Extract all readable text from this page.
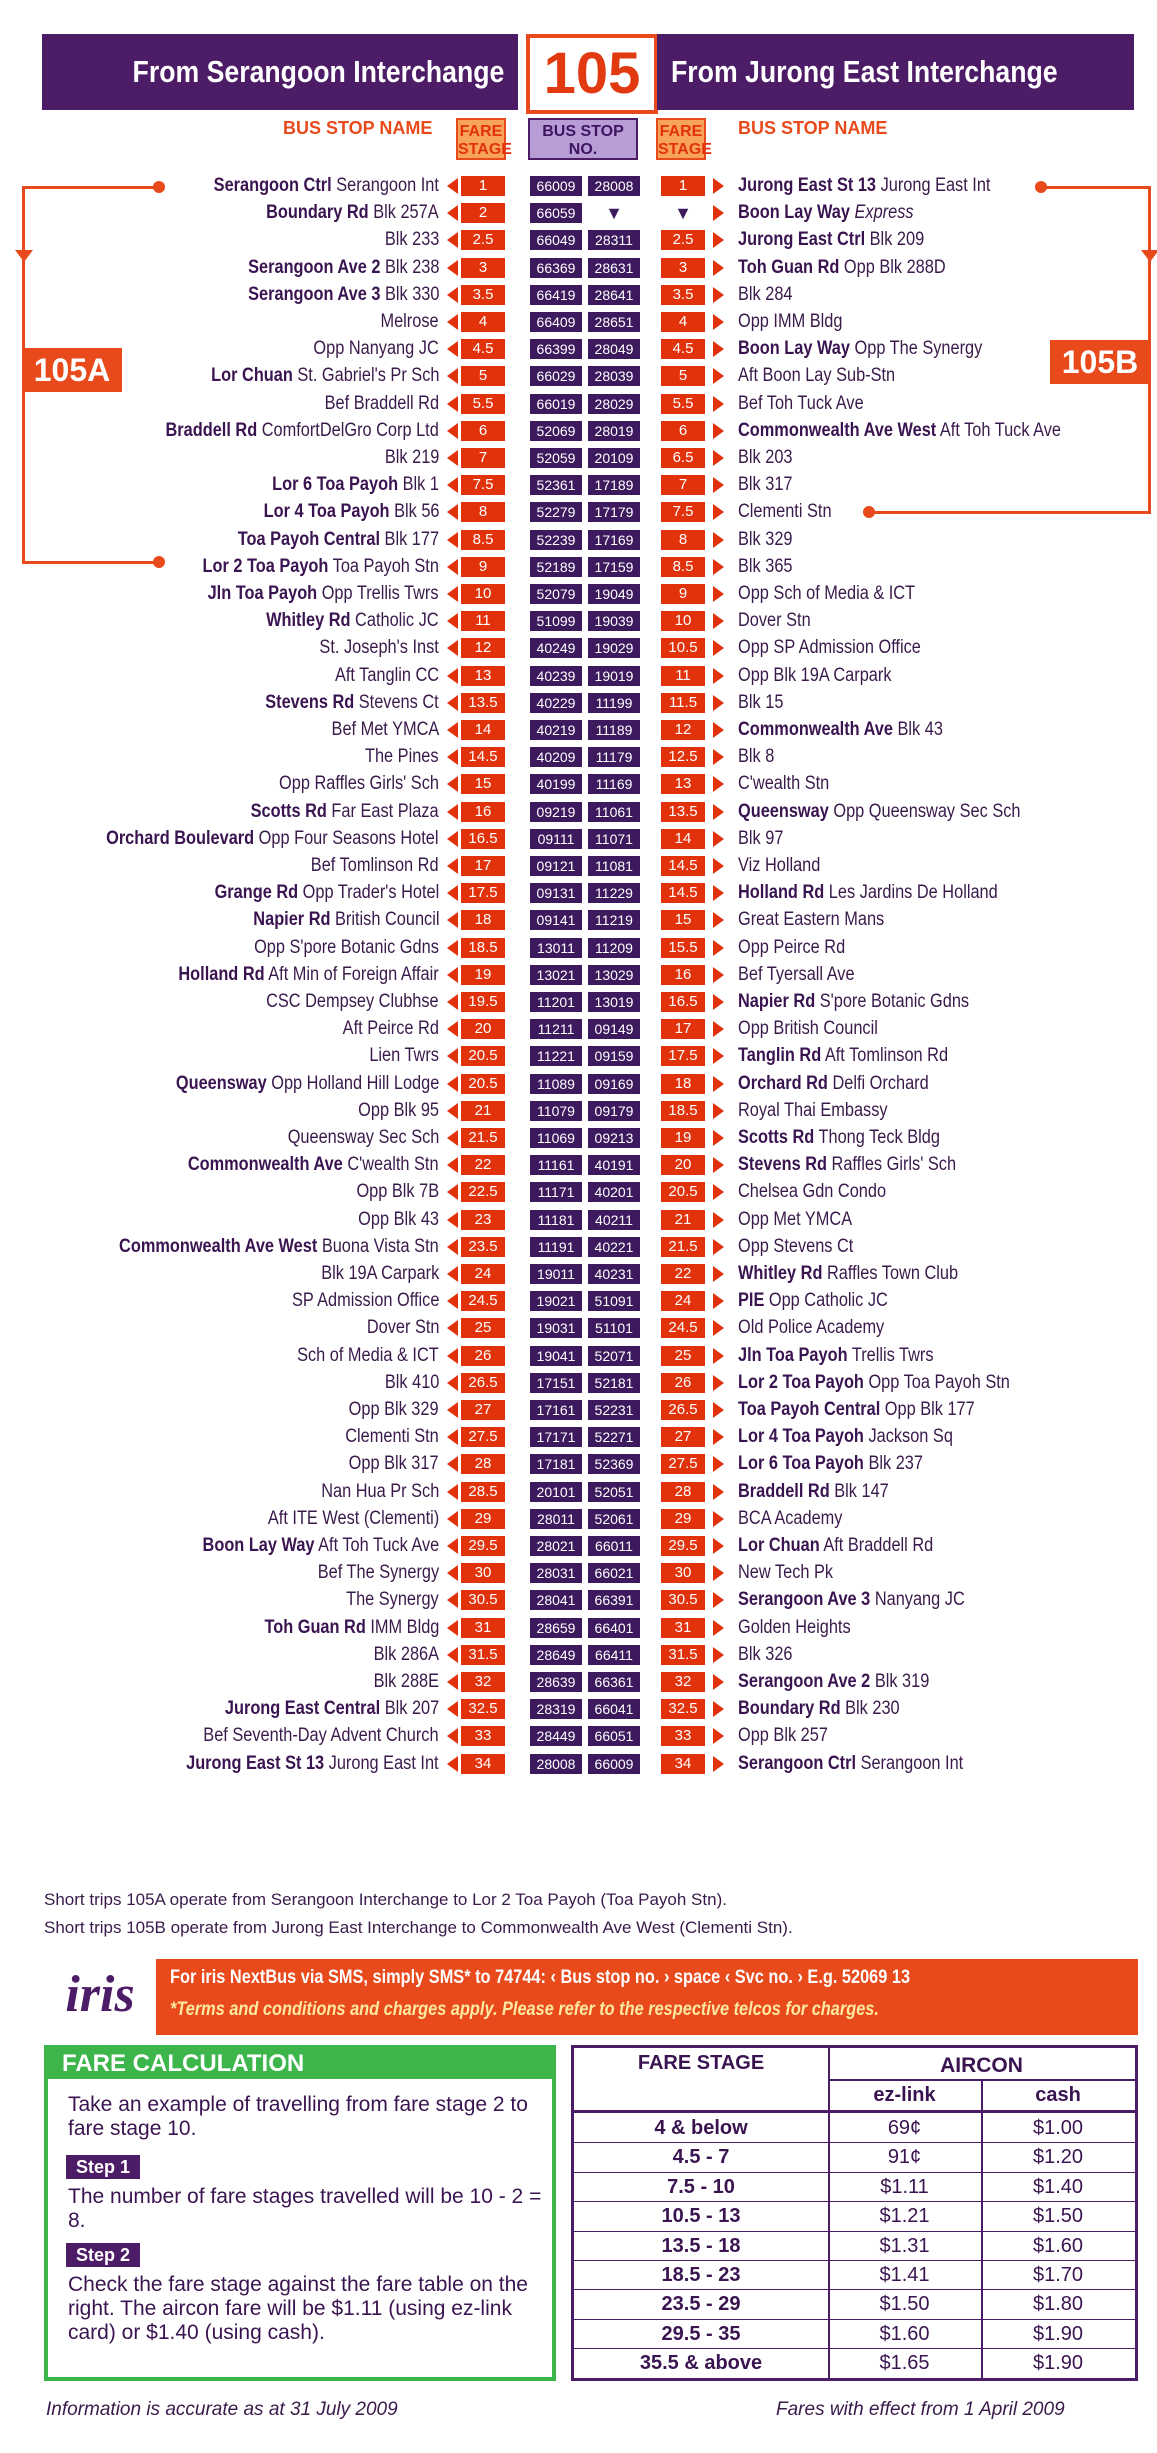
From Serangoon Interchange 105 From Jurong East Interchange
BUS STOP NAME FARE STAGE
BUS STOP NO.
FARE STAGE
BUS STOP NAME
105A	105B
Serangoon Ctrl Serangoon Int	1	66009	28008	1	Jurong East St 13 Jurong East Int
Boundary Rd Blk 257A	2	66059	▼	▼	Boon Lay Way Express
Blk 233	2.5	66049	28311	2.5	Jurong East Ctrl Blk 209
Serangoon Ave 2 Blk 238	3	66369	28631	3	Toh Guan Rd Opp Blk 288D
Serangoon Ave 3 Blk 330	3.5	66419	28641	3.5	Blk 284
Melrose	4	66409	28651	4	Opp IMM Bldg
Opp Nanyang JC	4.5	66399	28049	4.5	Boon Lay Way Opp The Synergy
Lor Chuan St. Gabriel's Pr Sch	5	66029	28039	5	Aft Boon Lay Sub-Stn
Bef Braddell Rd	5.5	66019	28029	5.5	Bef Toh Tuck Ave
Braddell Rd ComfortDelGro Corp Ltd	6	52069	28019	6	Commonwealth Ave West Aft Toh Tuck Ave
Blk 219	7	52059	20109	6.5	Blk 203
Lor 6 Toa Payoh Blk 1	7.5	52361	17189	7	Blk 317
Lor 4 Toa Payoh Blk 56	8	52279	17179	7.5	Clementi Stn
Toa Payoh Central Blk 177	8.5	52239	17169	8	Blk 329
Lor 2 Toa Payoh Toa Payoh Stn	9	52189	17159	8.5	Blk 365
Jln Toa Payoh Opp Trellis Twrs	10	52079	19049	9	Opp Sch of Media & ICT
Whitley Rd Catholic JC	11	51099	19039	10	Dover Stn
St. Joseph's Inst	12	40249	19029	10.5	Opp SP Admission Office
Aft Tanglin CC	13	40239	19019	11	Opp Blk 19A Carpark
Stevens Rd Stevens Ct	13.5	40229	11199	11.5	Blk 15
Bef Met YMCA	14	40219	11189	12	Commonwealth Ave Blk 43
The Pines	14.5	40209	11179	12.5	Blk 8
Opp Raffles Girls' Sch	15	40199	11169	13	C'wealth Stn
Scotts Rd Far East Plaza	16	09219	11061	13.5	Queensway Opp Queensway Sec Sch
Orchard Boulevard Opp Four Seasons Hotel	16.5	09111	11071	14	Blk 97
Bef Tomlinson Rd	17	09121	11081	14.5	Viz Holland
Grange Rd Opp Trader's Hotel	17.5	09131	11229	14.5	Holland Rd Les Jardins De Holland
Napier Rd British Council	18	09141	11219	15	Great Eastern Mans
Opp S'pore Botanic Gdns	18.5	13011	11209	15.5	Opp Peirce Rd
Holland Rd Aft Min of Foreign Affair	19	13021	13029	16	Bef Tyersall Ave
CSC Dempsey Clubhse	19.5	11201	13019	16.5	Napier Rd S'pore Botanic Gdns
Aft Peirce Rd	20	11211	09149	17	Opp British Council
Lien Twrs	20.5	11221	09159	17.5	Tanglin Rd Aft Tomlinson Rd
Queensway Opp Holland Hill Lodge	20.5	11089	09169	18	Orchard Rd Delfi Orchard
Opp Blk 95	21	11079	09179	18.5	Royal Thai Embassy
Queensway Sec Sch	21.5	11069	09213	19	Scotts Rd Thong Teck Bldg
Commonwealth Ave C'wealth Stn	22	11161	40191	20	Stevens Rd Raffles Girls' Sch
Opp Blk 7B	22.5	11171	40201	20.5	Chelsea Gdn Condo
Opp Blk 43	23	11181	40211	21	Opp Met YMCA
Commonwealth Ave West Buona Vista Stn	23.5	11191	40221	21.5	Opp Stevens Ct
Blk 19A Carpark	24	19011	40231	22	Whitley Rd Raffles Town Club
SP Admission Office	24.5	19021	51091	24	PIE Opp Catholic JC
Dover Stn	25	19031	51101	24.5	Old Police Academy
Sch of Media & ICT	26	19041	52071	25	Jln Toa Payoh Trellis Twrs
Blk 410	26.5	17151	52181	26	Lor 2 Toa Payoh Opp Toa Payoh Stn
Opp Blk 329	27	17161	52231	26.5	Toa Payoh Central Opp Blk 177
Clementi Stn	27.5	17171	52271	27	Lor 4 Toa Payoh Jackson Sq
Opp Blk 317	28	17181	52369	27.5	Lor 6 Toa Payoh Blk 237
Nan Hua Pr Sch	28.5	20101	52051	28	Braddell Rd Blk 147
Aft ITE West (Clementi)	29	28011	52061	29	BCA Academy
Boon Lay Way Aft Toh Tuck Ave	29.5	28021	66011	29.5	Lor Chuan Aft Braddell Rd
Bef The Synergy	30	28031	66021	30	New Tech Pk
The Synergy	30.5	28041	66391	30.5	Serangoon Ave 3 Nanyang JC
Toh Guan Rd IMM Bldg	31	28659	66401	31	Golden Heights
Blk 286A	31.5	28649	66411	31.5	Blk 326
Blk 288E	32	28639	66361	32	Serangoon Ave 2 Blk 319
Jurong East Central Blk 207	32.5	28319	66041	32.5	Boundary Rd Blk 230
Bef Seventh-Day Advent Church	33	28449	66051	33	Opp Blk 257
Jurong East St 13 Jurong East Int	34	28008	66009	34	Serangoon Ctrl Serangoon Int
Short trips 105A operate from Serangoon Interchange to Lor 2 Toa Payoh (Toa Payoh Stn).
Short trips 105B operate from Jurong East Interchange to Commonwealth Ave West (Clementi Stn).
iris	For iris NextBus via SMS, simply SMS* to 74744: ‹ Bus stop no. › space ‹ Svc no. › E.g. 52069 13
*Terms and conditions and charges apply. Please refer to the respective telcos for charges.
FARE CALCULATION
Take an example of travelling from fare stage 2 to fare stage 10.
Step 1
The number of fare stages travelled will be 10 - 2 = 8.
Step 2
Check the fare stage against the fare table on the right. The aircon fare will be $1.11 (using ez-link card) or $1.40 (using cash).
FARE STAGE	AIRCON
ez-link	cash
4 & below	69¢	$1.00
4.5 - 7	91¢	$1.20
7.5 - 10	$1.11	$1.40
10.5 - 13	$1.21	$1.50
13.5 - 18	$1.31	$1.60
18.5 - 23	$1.41	$1.70
23.5 - 29	$1.50	$1.80
29.5 - 35	$1.60	$1.90
35.5 & above	$1.65	$1.90
Information is accurate as at 31 July 2009	Fares with effect from 1 April 2009
